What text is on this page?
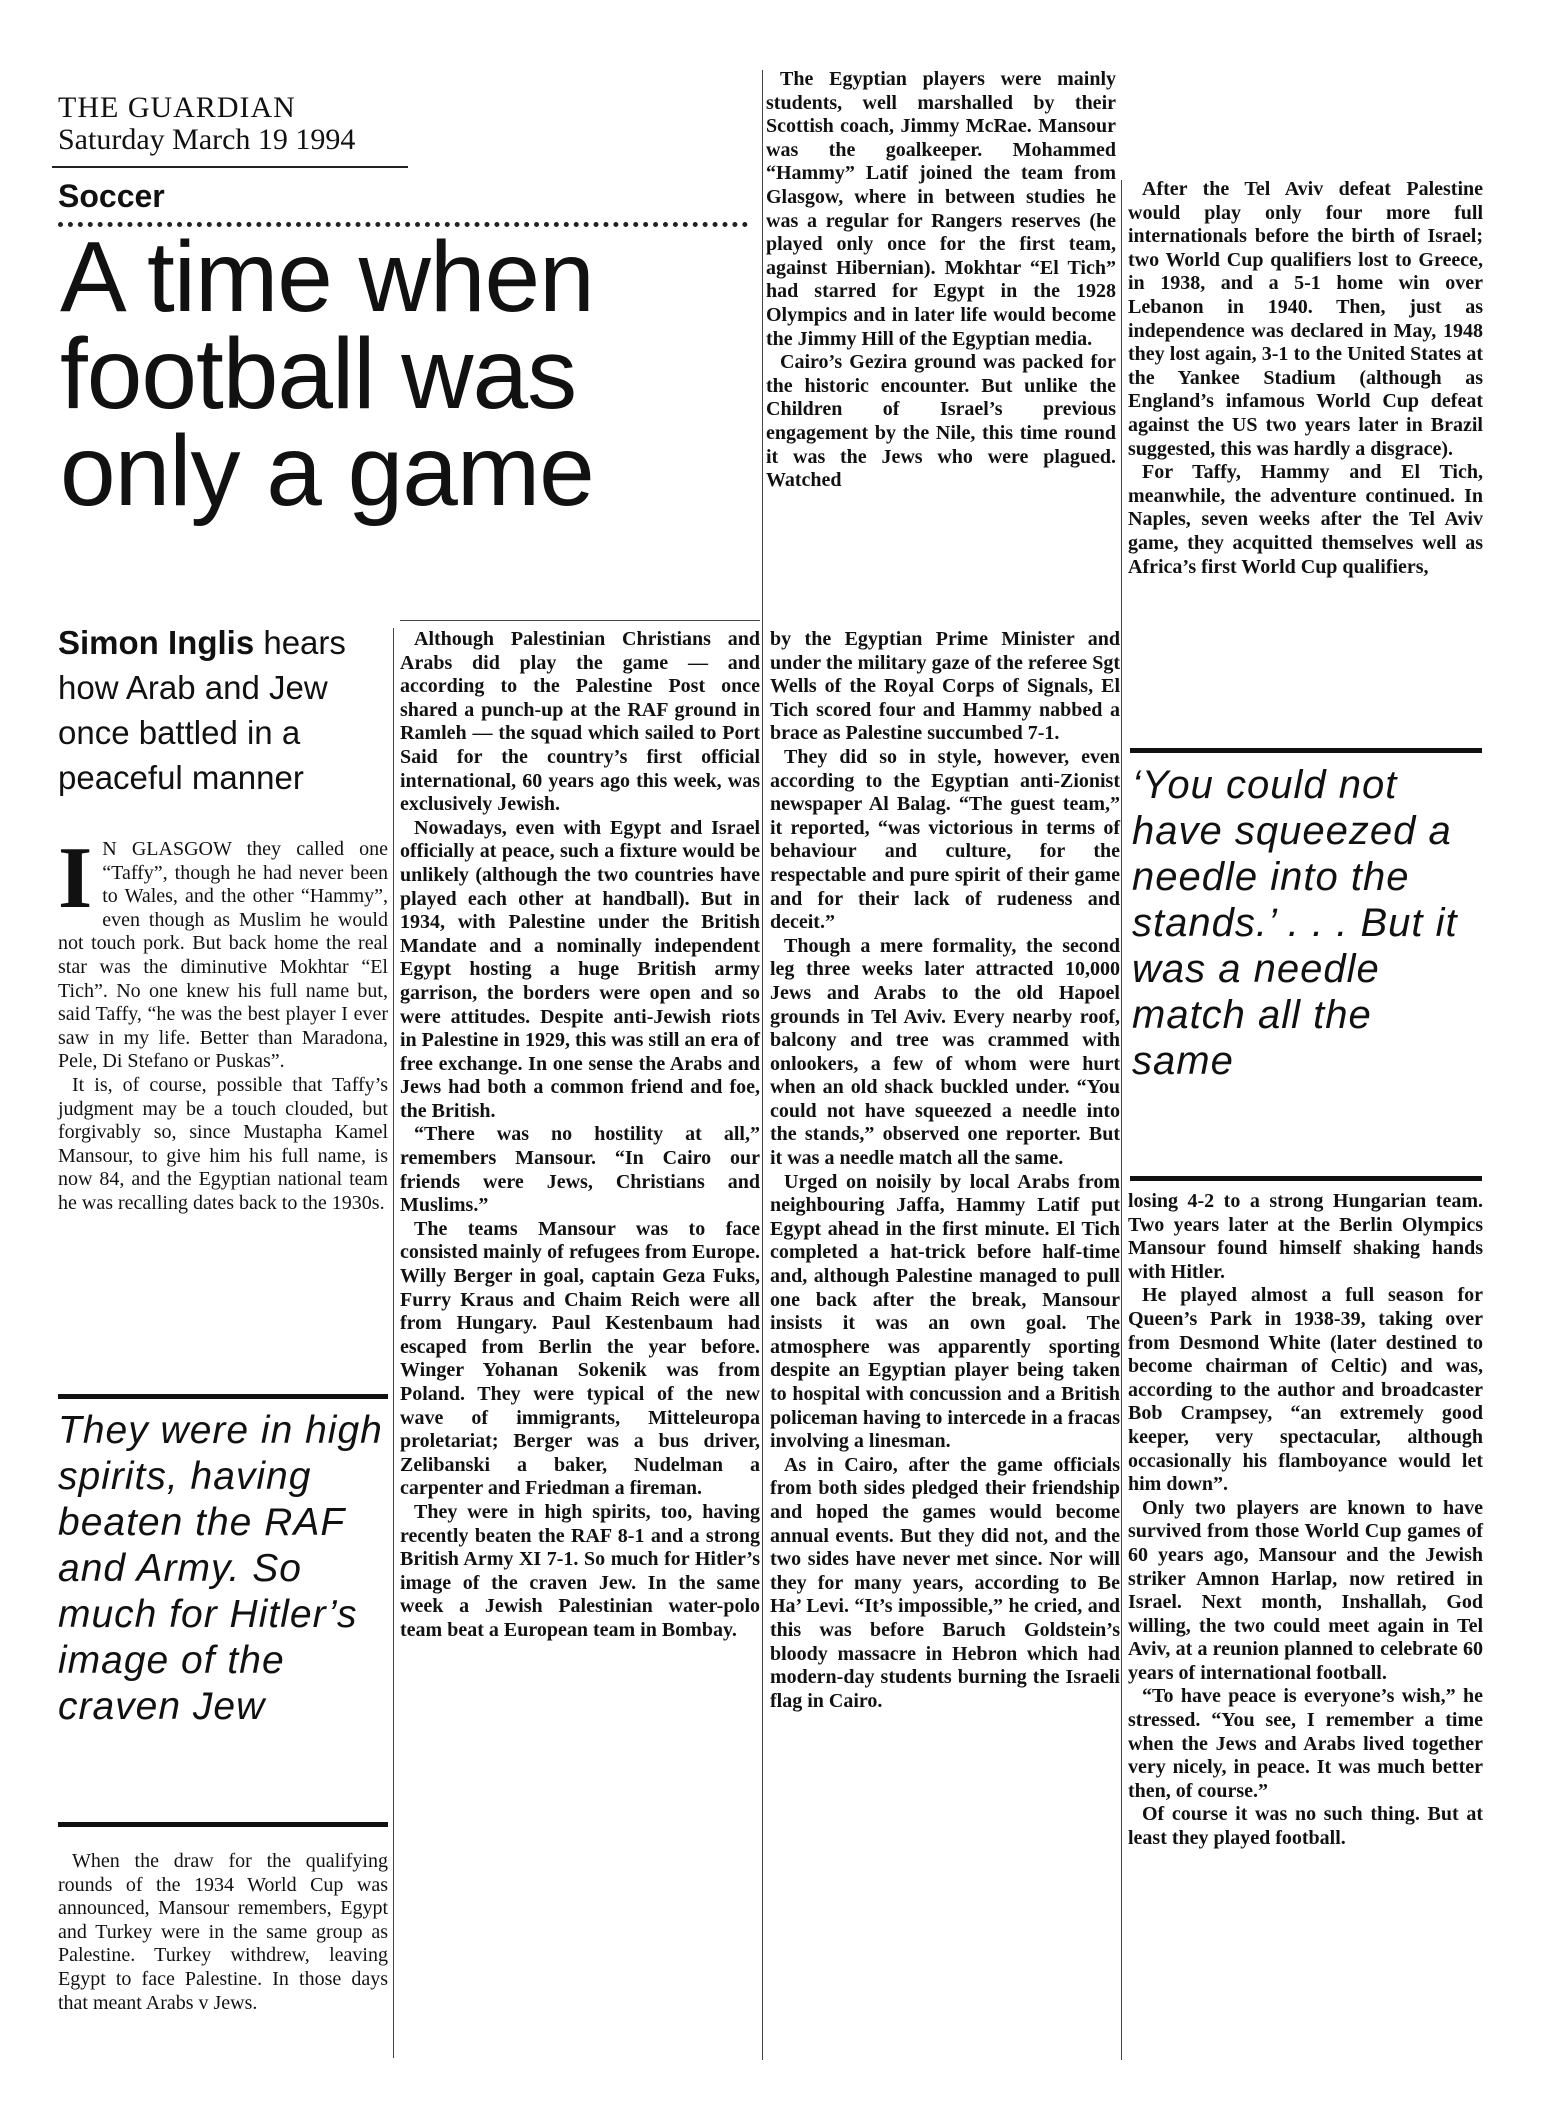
THE GUARDIAN
Saturday March 19 1994
Soccer
A time when
football was
only a game
Simon Inglis hears
how Arab and Jew
once battled in a
peaceful manner
I N GLASGOW they called one “Taffy”, though he had never been to Wales, and the other “Hammy”, even though as Muslim he would not touch pork. But back home the real star was the diminutive Mokhtar “El Tich”. No one knew his full name but, said Taffy, “he was the best player I ever saw in my life. Better than Maradona, Pele, Di Stefano or Puskas”.

It is, of course, possible that Taffy’s judgment may be a touch clouded, but forgivably so, since Mustapha Kamel Mansour, to give him his full name, is now 84, and the Egyptian national team he was recalling dates back to the 1930s.

They were in high spirits, having beaten the RAF and Army. So much for Hitler’s image of the craven Jew

When the draw for the qualifying rounds of the 1934 World Cup was announced, Mansour remembers, Egypt and Turkey were in the same group as Palestine. Turkey withdrew, leaving Egypt to face Palestine. In those days that meant Arabs v Jews.

Although Palestinian Christians and Arabs did play the game — and according to the Palestine Post once shared a punch-up at the RAF ground in Ramleh — the squad which sailed to Port Said for the country’s first official international, 60 years ago this week, was exclusively Jewish.

Nowadays, even with Egypt and Israel officially at peace, such a fixture would be unlikely (although the two countries have played each other at handball). But in 1934, with Palestine under the British Mandate and a nominally independent Egypt hosting a huge British army garrison, the borders were open and so were attitudes. Despite anti-Jewish riots in Palestine in 1929, this was still an era of free exchange. In one sense the Arabs and Jews had both a common friend and foe, the British.

“There was no hostility at all,” remembers Mansour. “In Cairo our friends were Jews, Christians and Muslims.”

The teams Mansour was to face consisted mainly of refugees from Europe. Willy Berger in goal, captain Geza Fuks, Furry Kraus and Chaim Reich were all from Hungary. Paul Kestenbaum had escaped from Berlin the year before. Winger Yohanan Sokenik was from Poland. They were typical of the new wave of immigrants, Mitteleuropa proletariat; Berger was a bus driver, Zelibanski a baker, Nudelman a carpenter and Friedman a fireman.

They were in high spirits, too, having recently beaten the RAF 8-1 and a strong British Army XI 7-1. So much for Hitler’s image of the craven Jew. In the same week a Jewish Palestinian water-polo team beat a European team in Bombay.

The Egyptian players were mainly students, well marshalled by their Scottish coach, Jimmy McRae. Mansour was the goalkeeper. Mohammed “Hammy” Latif joined the team from Glasgow, where in between studies he was a regular for Rangers reserves (he played only once for the first team, against Hibernian). Mokhtar “El Tich” had starred for Egypt in the 1928 Olympics and in later life would become the Jimmy Hill of the Egyptian media.

Cairo’s Gezira ground was packed for the historic encounter. But unlike the Children of Israel’s previous engagement by the Nile, this time round it was the Jews who were plagued. Watched

by the Egyptian Prime Minister and under the military gaze of the referee Sgt Wells of the Royal Corps of Signals, El Tich scored four and Hammy nabbed a brace as Palestine succumbed 7-1.

They did so in style, however, even according to the Egyptian anti-Zionist newspaper Al Balag. “The guest team,” it reported, “was victorious in terms of behaviour and culture, for the respectable and pure spirit of their game and for their lack of rudeness and deceit.”

Though a mere formality, the second leg three weeks later attracted 10,000 Jews and Arabs to the old Hapoel grounds in Tel Aviv. Every nearby roof, balcony and tree was crammed with onlookers, a few of whom were hurt when an old shack buckled under. “You could not have squeezed a needle into the stands,” observed one reporter. But it was a needle match all the same.

Urged on noisily by local Arabs from neighbouring Jaffa, Hammy Latif put Egypt ahead in the first minute. El Tich completed a hat-trick before half-time and, although Palestine managed to pull one back after the break, Mansour insists it was an own goal. The atmosphere was apparently sporting despite an Egyptian player being taken to hospital with concussion and a British policeman having to intercede in a fracas involving a linesman.

As in Cairo, after the game officials from both sides pledged their friendship and hoped the games would become annual events. But they did not, and the two sides have never met since. Nor will they for many years, according to Be Ha’ Levi. “It’s impossible,” he cried, and this was before Baruch Goldstein’s bloody massacre in Hebron which had modern-day students burning the Israeli flag in Cairo.

After the Tel Aviv defeat Palestine would play only four more full internationals before the birth of Israel; two World Cup qualifiers lost to Greece, in 1938, and a 5-1 home win over Lebanon in 1940. Then, just as independence was declared in May, 1948 they lost again, 3-1 to the United States at the Yankee Stadium (although as England’s infamous World Cup defeat against the US two years later in Brazil suggested, this was hardly a disgrace).

For Taffy, Hammy and El Tich, meanwhile, the adventure continued. In Naples, seven weeks after the Tel Aviv game, they acquitted themselves well as Africa’s first World Cup qualifiers,

‘You could not have squeezed a needle into the stands.’ . . . But it was a needle match all the same

losing 4-2 to a strong Hungarian team. Two years later at the Berlin Olympics Mansour found himself shaking hands with Hitler.

He played almost a full season for Queen’s Park in 1938-39, taking over from Desmond White (later destined to become chairman of Celtic) and was, according to the author and broadcaster Bob Crampsey, “an extremely good keeper, very spectacular, although occasionally his flamboyance would let him down”.

Only two players are known to have survived from those World Cup games of 60 years ago, Mansour and the Jewish striker Amnon Harlap, now retired in Israel. Next month, Inshallah, God willing, the two could meet again in Tel Aviv, at a reunion planned to celebrate 60 years of international football.

“To have peace is everyone’s wish,” he stressed. “You see, I remember a time when the Jews and Arabs lived together very nicely, in peace. It was much better then, of course.”

Of course it was no such thing. But at least they played football.
